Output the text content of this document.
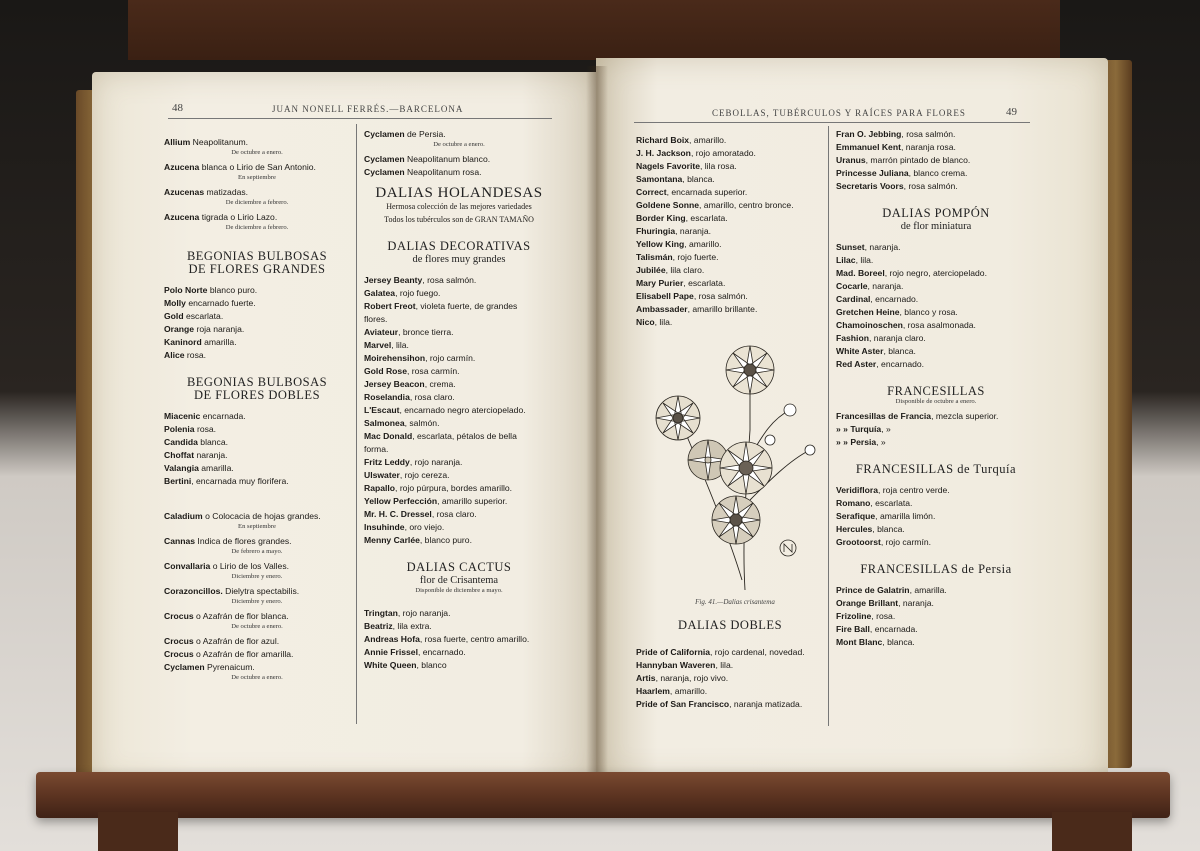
48	JUAN NONELL FERRÉS.—BARCELONA

Allium Neapolitanum.

De octubre a enero.

Azucena blanca o Lirio de San Antonio.

En septiembre

Azucenas matizadas.

De diciembre a febrero.

Azucena tigrada o Lirio Lazo.

De diciembre a febrero.

BEGONIAS BULBOSAS

DE FLORES GRANDES

Polo Norte blanco puro.

Molly encarnado fuerte.

Gold escarlata.

Orange roja naranja.

Kaninord amarilla.

Alice rosa.

BEGONIAS BULBOSAS

DE FLORES DOBLES

Miacenic encarnada.

Polenia rosa.

Candida blanca.

Choffat naranja.

Valangia amarilla.

Bertini, encarnada muy florifera.

Caladium o Colocacia de hojas grandes.

En septiembre

Cannas Indica de flores grandes.

De febrero a mayo.

Convallaria o Lirio de los Valles.

Diciembre y enero.

Corazoncillos. Dielytra spectabilis.

Diciembre y enero.

Crocus o Azafrán de flor blanca.

De octubre a enero.

Crocus o Azafrán de flor azul.

Crocus o Azafrán de flor amarilla.

Cyclamen Pyrenaicum.

De octubre a enero.

Cyclamen de Persia.

De octubre a enero.

Cyclamen Neapolitanum blanco.

Cyclamen Neapolitanum rosa.

DALIAS HOLANDESAS

Hermosa colección de las mejores variedades

Todos los tubérculos son de GRAN TAMAÑO

DALIAS DECORATIVAS

de flores muy grandes

Jersey Beanty, rosa salmón.

Galatea, rojo fuego.

Robert Freot, violeta fuerte, de grandes

flores.

Aviateur, bronce tierra.

Marvel, lila.

Moirehensihon, rojo carmín.

Gold Rose, rosa carmín.

Jersey Beacon, crema.

Roselandia, rosa claro.

L'Escaut, encarnado negro aterciopelado.

Salmonea, salmón.

Mac Donald, escarlata, pétalos de bella

forma.

Fritz Leddy, rojo naranja.

Ulswater, rojo cereza.

Rapallo, rojo púrpura, bordes amarillo.

Yellow Perfección, amarillo superior.

Mr. H. C. Dressel, rosa claro.

Insuhinde, oro viejo.

Menny Carlée, blanco puro.

DALIAS CACTUS

flor de Crisantema

Disponible de diciembre a mayo.

Tringtan, rojo naranja.

Beatriz, lila extra.

Andreas Hofa, rosa fuerte, centro amarillo.

Annie Frissel, encarnado.

White Queen, blanco

CEBOLLAS, TUBÉRCULOS Y RAÍCES PARA FLORES	49

Richard Boix, amarillo.

J. H. Jackson, rojo amoratado.

Nagels Favorite, lila rosa.

Samontana, blanca.

Correct, encarnada superior.

Goldene Sonne, amarillo, centro bronce.

Border King, escarlata.

Fhuringia, naranja.

Yellow King, amarillo.

Talismán, rojo fuerte.

Jubilée, lila claro.

Mary Purier, escarlata.

Elisabell Pape, rosa salmón.

Ambassader, amarillo brillante.

Nico, lila.

DALIAS DOBLES

Pride of California, rojo cardenal, novedad.

Hannyban Waveren, lila.

Artis, naranja, rojo vivo.

Haarlem, amarillo.

Pride of San Francisco, naranja matizada.

Fran O. Jebbing, rosa salmón.

Emmanuel Kent, naranja rosa.

Uranus, marrón pintado de blanco.

Princesse Juliana, blanco crema.

Secretaris Voors, rosa salmón.

DALIAS POMPÓN

de flor miniatura

Sunset, naranja.

Lilac, lila.

Mad. Boreel, rojo negro, aterciopelado.

Cocarle, naranja.

Cardinal, encarnado.

Gretchen Heine, blanco y rosa.

Chamoinoschen, rosa asalmonada.

Fashion, naranja claro.

White Aster, blanca.

Red Aster, encarnado.

FRANCESILLAS

Disponible de octubre a enero.

Francesillas de Francia, mezcla superior.

» » Turquía, »

» » Persia, »

FRANCESILLAS de Turquía

Veridiflora, roja centro verde.

Romano, escarlata.

Serafique, amarilla limón.

Hercules, blanca.

Grootoorst, rojo carmín.

FRANCESILLAS de Persia

Prince de Galatrin, amarilla.

Orange Brillant, naranja.

Frizoline, rosa.

Fire Ball, encarnada.

Mont Blanc, blanca.

Fig. 41.—Dalias crisantema
